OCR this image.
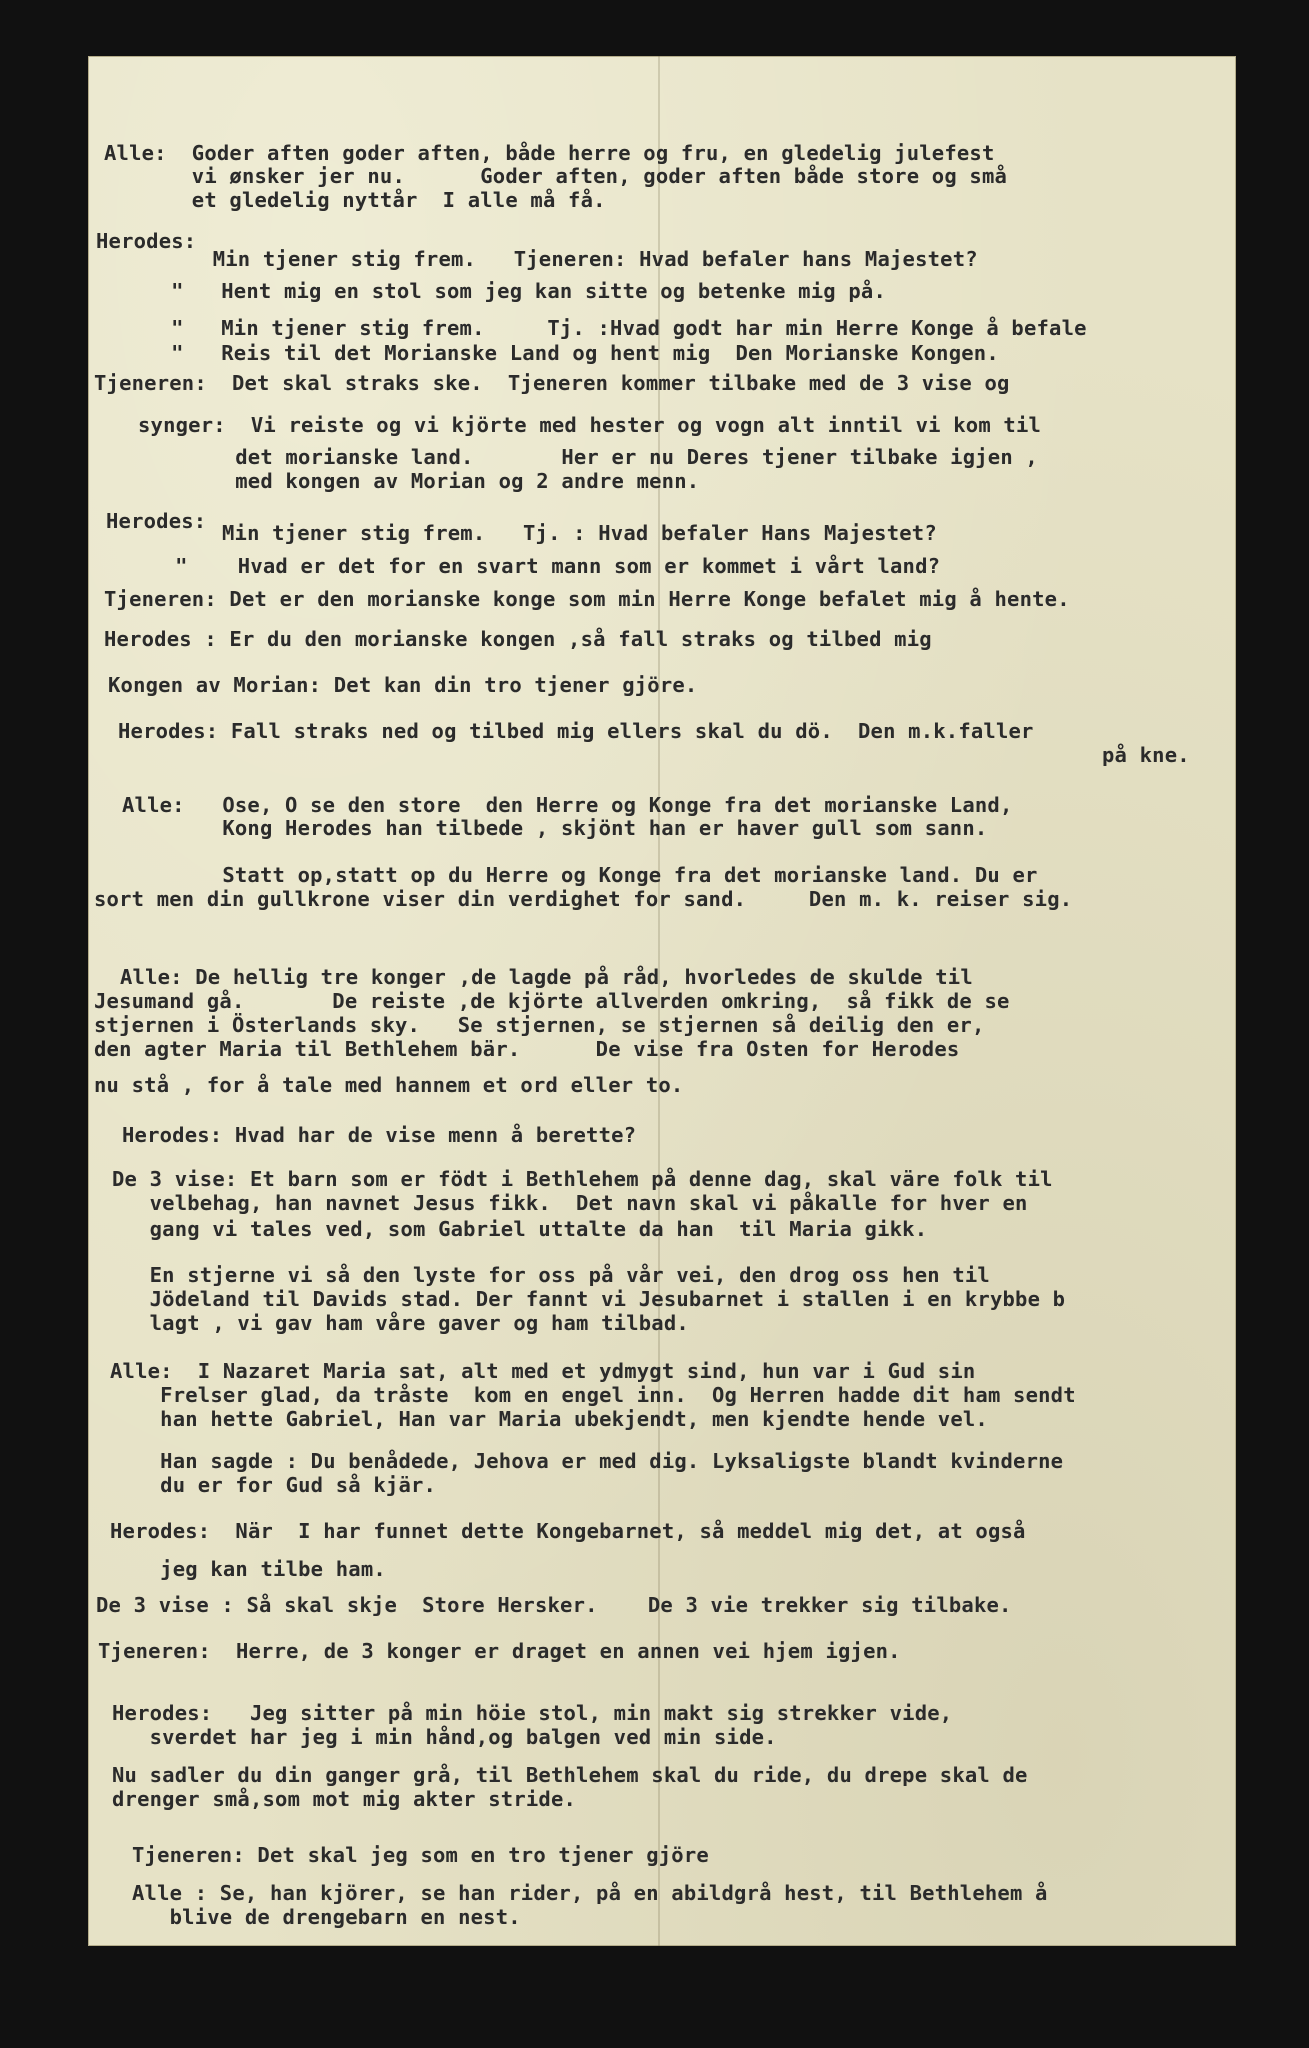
Alle:  Goder aften goder aften, både herre og fru, en gledelig julefest

vi ønsker jer nu.      Goder aften, goder aften både store og små

et gledelig nyttår  I alle må få.

Herodes:

Min tjener stig frem.   Tjeneren: Hvad befaler hans Majestet?

"   Hent mig en stol som jeg kan sitte og betenke mig på.

"   Min tjener stig frem.     Tj. :Hvad godt har min Herre Konge å befale

"   Reis til det Morianske Land og hent mig  Den Morianske Kongen.

Tjeneren:  Det skal straks ske.  Tjeneren kommer tilbake med de 3 vise og

synger:  Vi reiste og vi kjörte med hester og vogn alt inntil vi kom til

det morianske land.       Her er nu Deres tjener tilbake igjen ,

med kongen av Morian og 2 andre menn.

Herodes: Min tjener stig frem.   Tj. : Hvad befaler Hans Majestet?

"    Hvad er det for en svart mann som er kommet i vårt land?

Tjeneren: Det er den morianske konge som min Herre Konge befalet mig å hente.

Herodes : Er du den morianske kongen ,så fall straks og tilbed mig

Kongen av Morian: Det kan din tro tjener gjöre.

Herodes: Fall straks ned og tilbed mig ellers skal du dö.  Den m.k.faller

på kne.

Alle:   Ose, O se den store  den Herre og Konge fra det morianske Land,

Kong Herodes han tilbede , skjönt han er haver gull som sann.

Statt op,statt op du Herre og Konge fra det morianske land. Du er

sort men din gullkrone viser din verdighet for sand.     Den m. k. reiser sig.

Alle: De hellig tre konger ,de lagde på råd, hvorledes de skulde til

Jesumand gå.       De reiste ,de kjörte allverden omkring,  så fikk de se

stjernen i Österlands sky.   Se stjernen, se stjernen så deilig den er,

den agter Maria til Bethlehem bär.      De vise fra Osten for Herodes

nu stå , for å tale med hannem et ord eller to.

Herodes: Hvad har de vise menn å berette?

De 3 vise: Et barn som er födt i Bethlehem på denne dag, skal väre folk til

velbehag, han navnet Jesus fikk.  Det navn skal vi påkalle for hver en

gang vi tales ved, som Gabriel uttalte da han  til Maria gikk.

En stjerne vi så den lyste for oss på vår vei, den drog oss hen til

Jödeland til Davids stad. Der fannt vi Jesubarnet i stallen i en krybbe b

lagt , vi gav ham våre gaver og ham tilbad.

Alle:  I Nazaret Maria sat, alt med et ydmygt sind, hun var i Gud sin

Frelser glad, da tråste  kom en engel inn.  Og Herren hadde dit ham sendt

han hette Gabriel, Han var Maria ubekjendt, men kjendte hende vel.

Han sagde : Du benådede, Jehova er med dig. Lyksaligste blandt kvinderne

du er for Gud så kjär.

Herodes:  När  I har funnet dette Kongebarnet, så meddel mig det, at også

jeg kan tilbe ham.

De 3 vise : Så skal skje  Store Hersker.    De 3 vie trekker sig tilbake.

Tjeneren:  Herre, de 3 konger er draget en annen vei hjem igjen.

Herodes:   Jeg sitter på min höie stol, min makt sig strekker vide,

sverdet har jeg i min hånd,og balgen ved min side.

Nu sadler du din ganger grå, til Bethlehem skal du ride, du drepe skal de

drenger små,som mot mig akter stride.

Tjeneren: Det skal jeg som en tro tjener gjöre

Alle : Se, han kjörer, se han rider, på en abildgrå hest, til Bethlehem å

blive de drengebarn en nest.
